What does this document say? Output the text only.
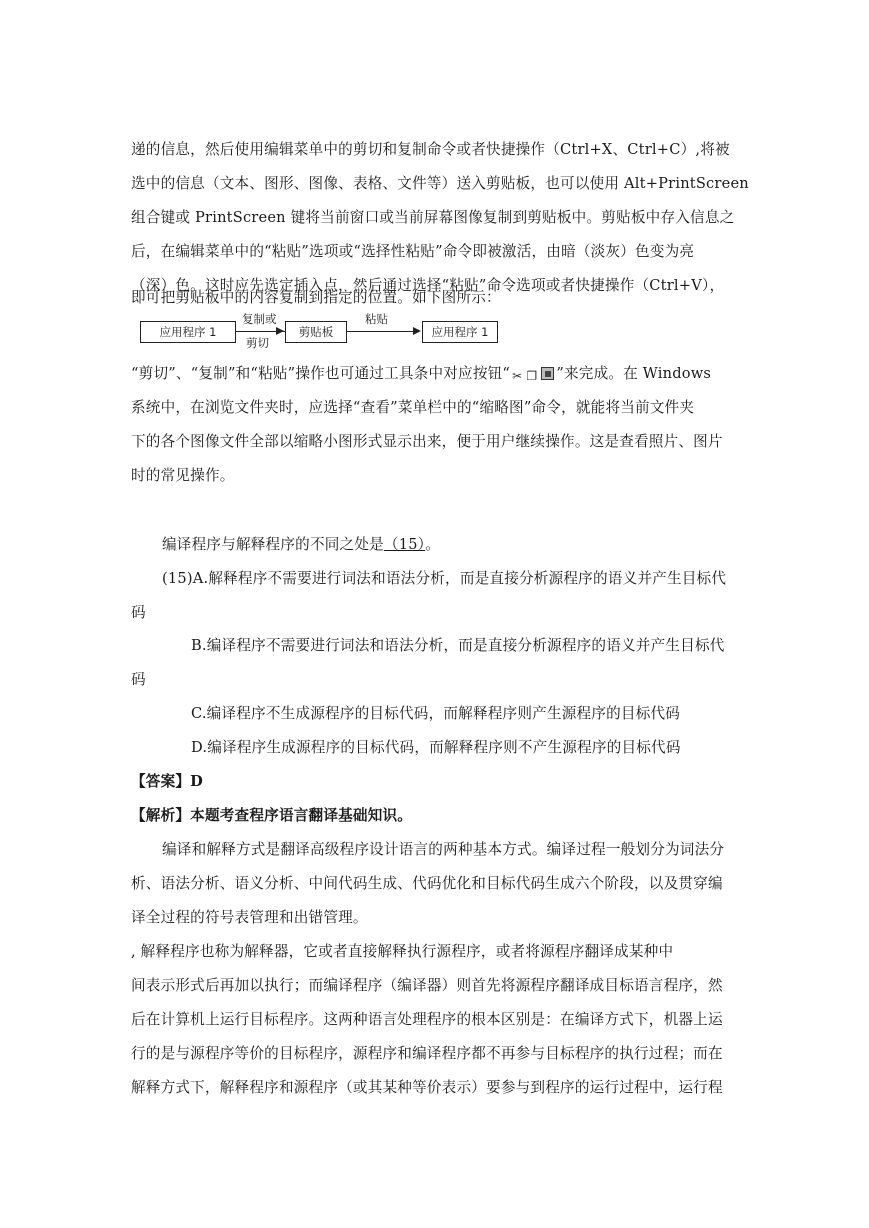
递的信息，然后使用编辑菜单中的剪切和复制命令或者快捷操作（Ctrl+X、Ctrl+C）,将被
选中的信息（文本、图形、图像、表格、文件等）送入剪贴板，也可以使用 Alt+PrintScreen
组合键或 PrintScreen 键将当前窗口或当前屏幕图像复制到剪贴板中。剪贴板中存入信息之
后，在编辑菜单中的“粘贴”选项或“选择性粘贴”命令即被激活，由暗（淡灰）色变为亮
（深）色。这时应先选定插入点，然后通过选择“粘贴”命令选项或者快捷操作（Ctrl+V），
即可把剪贴板中的内容复制到指定的位置。如下图所示：
应用程序 1
复制或
剪切
剪贴板
粘贴
应用程序 1
“剪切”、“复制”和“粘贴”操作也可通过工具条中对应按钮“ ✂ ❐ ”来完成。在 Windows
系统中，在浏览文件夹时，应选择“查看”菜单栏中的“缩略图”命令，就能将当前文件夹
下的各个图像文件全部以缩略小图形式显示出来，便于用户继续操作。这是查看照片、图片
时的常见操作。
编译程序与解释程序的不同之处是（15）。
(15)A.解释程序不需要进行词法和语法分析，而是直接分析源程序的语义并产生目标代
码
B.编译程序不需要进行词法和语法分析，而是直接分析源程序的语义并产生目标代
码
C.编译程序不生成源程序的目标代码，而解释程序则产生源程序的目标代码
D.编译程序生成源程序的目标代码，而解释程序则不产生源程序的目标代码
【答案】D
【解析】本题考查程序语言翻译基础知识。
编译和解释方式是翻译高级程序设计语言的两种基本方式。编译过程一般划分为词法分
析、语法分析、语义分析、中间代码生成、代码优化和目标代码生成六个阶段，以及贯穿编
译全过程的符号表管理和出错管理。
, 解释程序也称为解释器，它或者直接解释执行源程序，或者将源程序翻译成某种中
间表示形式后再加以执行；而编译程序（编译器）则首先将源程序翻译成目标语言程序，然
后在计算机上运行目标程序。这两种语言处理程序的根本区别是：在编译方式下，机器上运
行的是与源程序等价的目标程序，源程序和编译程序都不再参与目标程序的执行过程；而在
解释方式下，解释程序和源程序（或其某种等价表示）要参与到程序的运行过程中，运行程
